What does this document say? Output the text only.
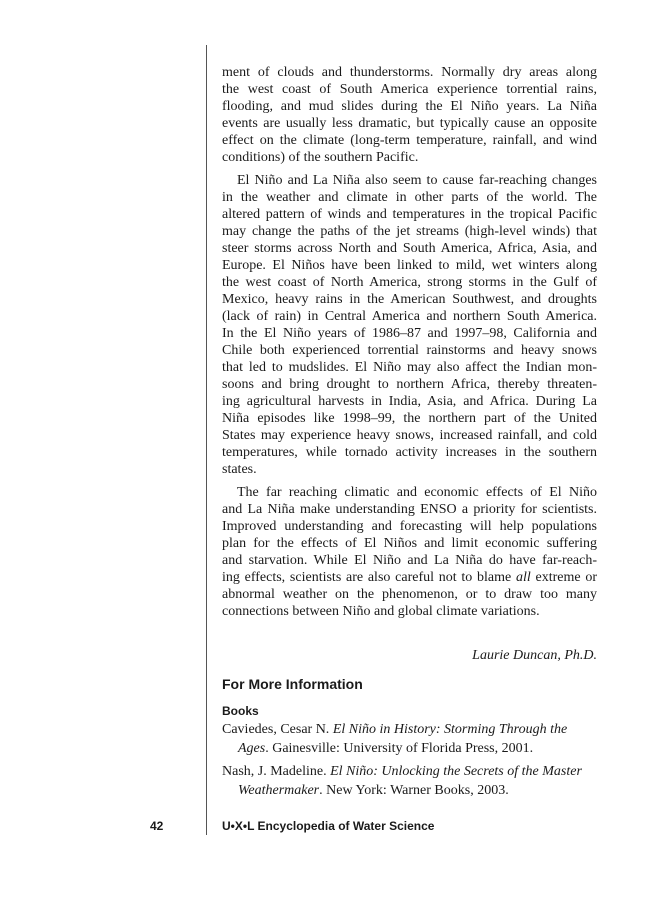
ment of clouds and thunderstorms. Normally dry areas along
the west coast of South America experience torrential rains,
flooding, and mud slides during the El Niño years. La Niña
events are usually less dramatic, but typically cause an opposite
effect on the climate (long-term temperature, rainfall, and wind
conditions) of the southern Pacific.
El Niño and La Niña also seem to cause far-reaching changes
in the weather and climate in other parts of the world. The
altered pattern of winds and temperatures in the tropical Pacific
may change the paths of the jet streams (high-level winds) that
steer storms across North and South America, Africa, Asia, and
Europe. El Niños have been linked to mild, wet winters along
the west coast of North America, strong storms in the Gulf of
Mexico, heavy rains in the American Southwest, and droughts
(lack of rain) in Central America and northern South America.
In the El Niño years of 1986–87 and 1997–98, California and
Chile both experienced torrential rainstorms and heavy snows
that led to mudslides. El Niño may also affect the Indian mon-
soons and bring drought to northern Africa, thereby threaten-
ing agricultural harvests in India, Asia, and Africa. During La
Niña episodes like 1998–99, the northern part of the United
States may experience heavy snows, increased rainfall, and cold
temperatures, while tornado activity increases in the southern
states.
The far reaching climatic and economic effects of El Niño
and La Niña make understanding ENSO a priority for scientists.
Improved understanding and forecasting will help populations
plan for the effects of El Niños and limit economic suffering
and starvation. While El Niño and La Niña do have far-reach-
ing effects, scientists are also careful not to blame all extreme or
abnormal weather on the phenomenon, or to draw too many
connections between Niño and global climate variations.
Laurie Duncan, Ph.D.
For More Information
Books
Caviedes, Cesar N. El Niño in History: Storming Through the
Ages. Gainesville: University of Florida Press, 2001.
Nash, J. Madeline. El Niño: Unlocking the Secrets of the Master
Weathermaker. New York: Warner Books, 2003.
42	U•X•L Encyclopedia of Water Science
